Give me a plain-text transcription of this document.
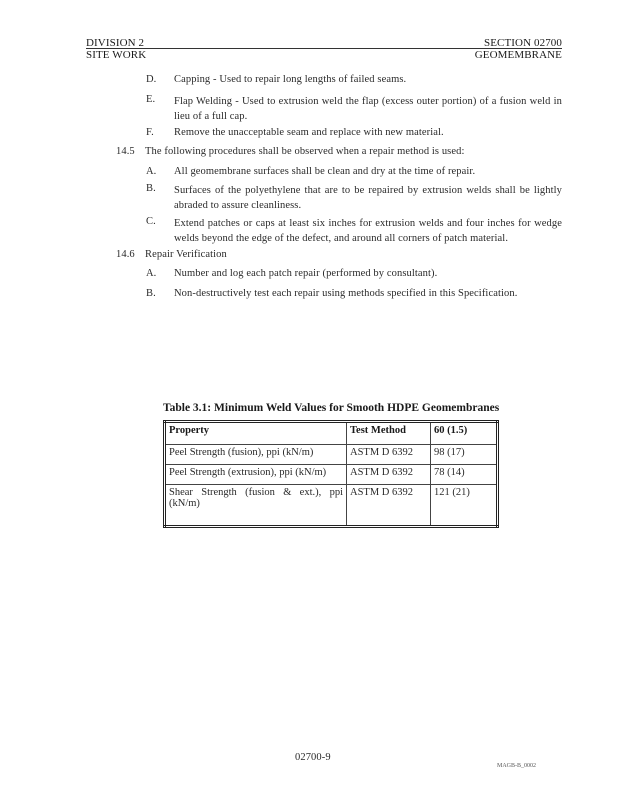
DIVISION 2
SITE WORK
SECTION 02700
GEOMEMBRANE
D. Capping - Used to repair long lengths of failed seams.
E. Flap Welding - Used to extrusion weld the flap (excess outer portion) of a fusion weld in lieu of a full cap.
F. Remove the unacceptable seam and replace with new material.
14.5 The following procedures shall be observed when a repair method is used:
A. All geomembrane surfaces shall be clean and dry at the time of repair.
B. Surfaces of the polyethylene that are to be repaired by extrusion welds shall be lightly abraded to assure cleanliness.
C. Extend patches or caps at least six inches for extrusion welds and four inches for wedge welds beyond the edge of the defect, and around all corners of patch material.
14.6 Repair Verification
A. Number and log each patch repair (performed by consultant).
B. Non-destructively test each repair using methods specified in this Specification.
Table 3.1: Minimum Weld Values for Smooth HDPE Geomembranes
Property	Test Method	60 (1.5)
Peel Strength (fusion), ppi (kN/m)	ASTM D 6392	98 (17)
Peel Strength (extrusion), ppi (kN/m)	ASTM D 6392	78 (14)
Shear Strength (fusion & ext.), ppi (kN/m)	ASTM D 6392	121 (21)
02700-9
MAGB-B_0002
